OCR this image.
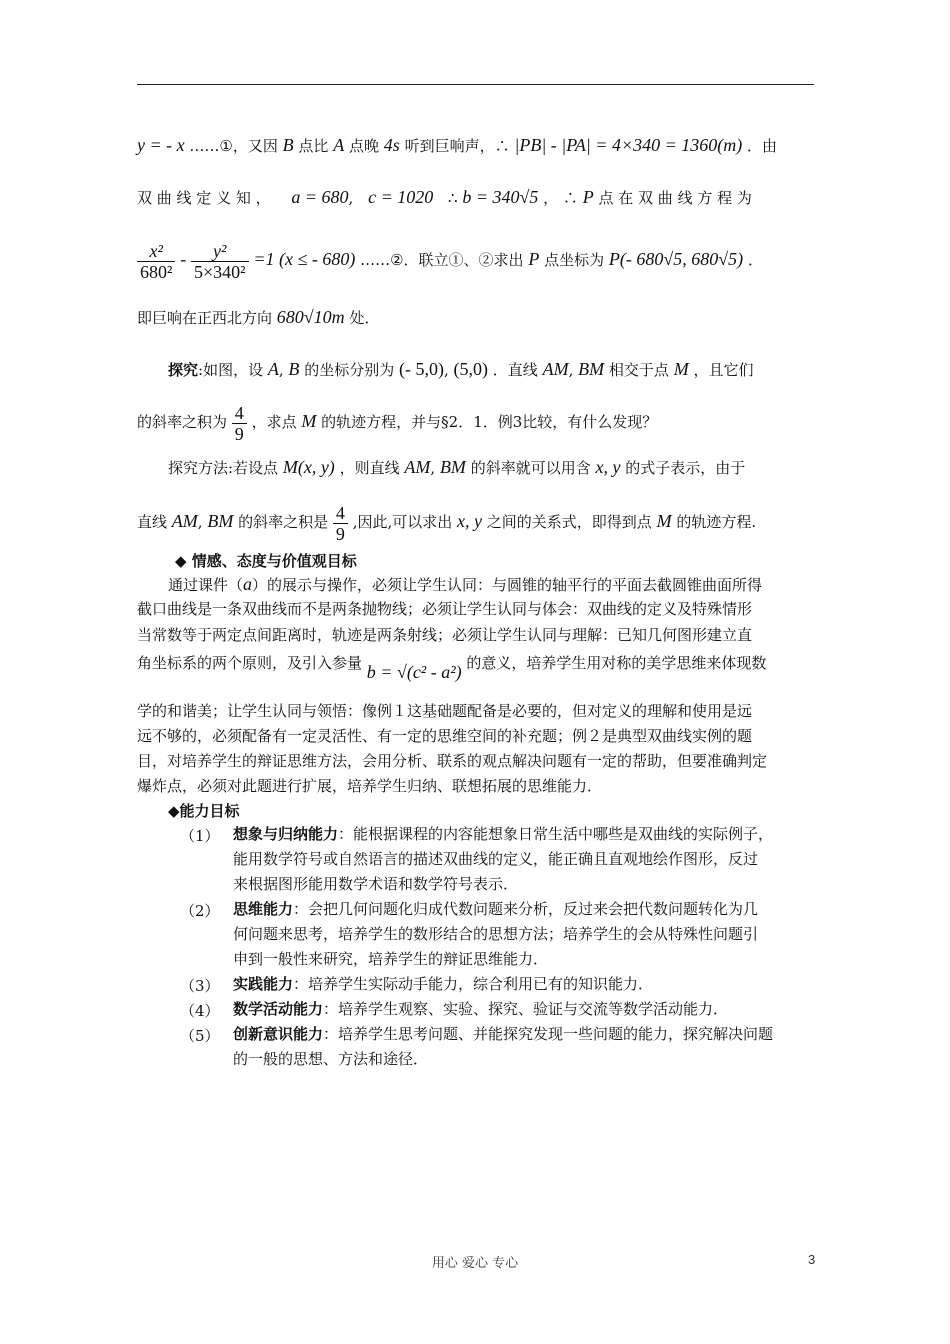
y = - x ……①，又因 B 点比 A 点晚 4s 听到巨响声，∴ |PB| - |PA| = 4×340 = 1360(m) ．由
双 曲 线 定 义 知 ， a = 680, c = 1020 ∴ b = 340√5 ， ∴ P 点 在 双 曲 线 方 程 为
$\frac{\text{x²}}{\text{680²}} - \frac{\text{y²}}{\text{5×340²}} =1$ (x ≤ - 680) ……②．联立①、②求出 P 点坐标为 P(- 680√5, 680√5) ．
即巨响在正西北方向 680√10m 处．
探究:如图，设 A, B 的坐标分别为 (- 5,0), (5,0) ．直线 AM, BM 相交于点 M ，且它们
的斜率之积为 $\frac{4}{9}$ ，求点 M 的轨迹方程，并与§2．1．例3比较，有什么发现？
探究方法:若设点 M(x, y) ，则直线 AM, BM 的斜率就可以用含 x, y 的式子表示，由于
直线 AM, BM 的斜率之积是 $\frac{4}{9}$ ,因此,可以求出 x, y 之间的关系式，即得到点 M 的轨迹方程.
◆ 情感、态度与价值观目标
通过课件（a）的展示与操作，必须让学生认同：与圆锥的轴平行的平面去截圆锥曲面所得
截口曲线是一条双曲线而不是两条抛物线；必须让学生认同与体会：双曲线的定义及特殊情形
当常数等于两定点间距离时，轨迹是两条射线；必须让学生认同与理解：已知几何图形建立直
角坐标系的两个原则，及引入参量 b = √(c² - a²) 的意义，培养学生用对称的美学思维来体现数
学的和谐美；让学生认同与领悟：像例１这基础题配备是必要的，但对定义的理解和使用是远
远不够的，必须配备有一定灵活性、有一定的思维空间的补充题；例２是典型双曲线实例的题
目，对培养学生的辩证思维方法，会用分析、联系的观点解决问题有一定的帮助，但要准确判定
爆炸点，必须对此题进行扩展，培养学生归纳、联想拓展的思维能力．
◆能力目标
（1） 想象与归纳能力：能根据课程的内容能想象日常生活中哪些是双曲线的实际例子，
能用数学符号或自然语言的描述双曲线的定义，能正确且直观地绘作图形，反过
来根据图形能用数学术语和数学符号表示．
（2） 思维能力：会把几何问题化归成代数问题来分析，反过来会把代数问题转化为几
何问题来思考，培养学生的数形结合的思想方法；培养学生的会从特殊性问题引
申到一般性来研究，培养学生的辩证思维能力．
（3） 实践能力：培养学生实际动手能力，综合利用已有的知识能力．
（4） 数学活动能力：培养学生观察、实验、探究、验证与交流等数学活动能力．
（5） 创新意识能力：培养学生思考问题、并能探究发现一些问题的能力，探究解决问题
的一般的思想、方法和途径．
用心 爱心 专心	3
